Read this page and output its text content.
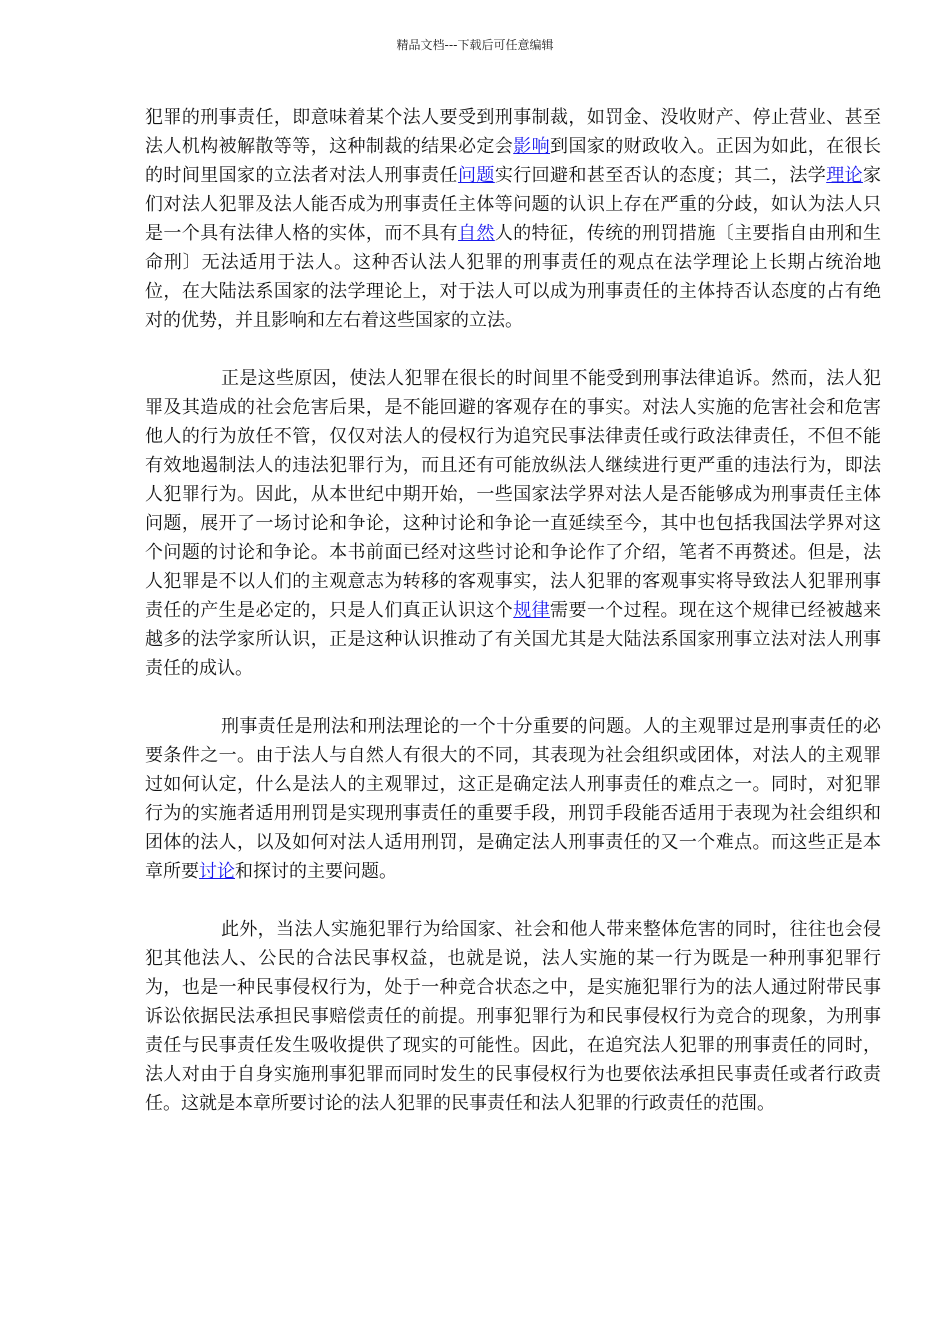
精品文档---下载后可任意编辑

犯罪的刑事责任，即意味着某个法人要受到刑事制裁，如罚金、没收财产、停止营业、甚至法人机构被解散等等，这种制裁的结果必定会影响到国家的财政收入。正因为如此，在很长的时间里国家的立法者对法人刑事责任问题实行回避和甚至否认的态度；其二，法学理论家们对法人犯罪及法人能否成为刑事责任主体等问题的认识上存在严重的分歧，如认为法人只是一个具有法律人格的实体，而不具有自然人的特征，传统的刑罚措施〔主要指自由刑和生命刑〕无法适用于法人。这种否认法人犯罪的刑事责任的观点在法学理论上长期占统治地位，在大陆法系国家的法学理论上，对于法人可以成为刑事责任的主体持否认态度的占有绝对的优势，并且影响和左右着这些国家的立法。

正是这些原因，使法人犯罪在很长的时间里不能受到刑事法律追诉。然而，法人犯罪及其造成的社会危害后果，是不能回避的客观存在的事实。对法人实施的危害社会和危害他人的行为放任不管，仅仅对法人的侵权行为追究民事法律责任或行政法律责任，不但不能有效地遏制法人的违法犯罪行为，而且还有可能放纵法人继续进行更严重的违法行为，即法人犯罪行为。因此，从本世纪中期开始，一些国家法学界对法人是否能够成为刑事责任主体问题，展开了一场讨论和争论，这种讨论和争论一直延续至今，其中也包括我国法学界对这个问题的讨论和争论。本书前面已经对这些讨论和争论作了介绍，笔者不再赘述。但是，法人犯罪是不以人们的主观意志为转移的客观事实，法人犯罪的客观事实将导致法人犯罪刑事责任的产生是必定的，只是人们真正认识这个规律需要一个过程。现在这个规律已经被越来越多的法学家所认识，正是这种认识推动了有关国尤其是大陆法系国家刑事立法对法人刑事责任的成认。

刑事责任是刑法和刑法理论的一个十分重要的问题。人的主观罪过是刑事责任的必要条件之一。由于法人与自然人有很大的不同，其表现为社会组织或团体，对法人的主观罪过如何认定，什么是法人的主观罪过，这正是确定法人刑事责任的难点之一。同时，对犯罪行为的实施者适用刑罚是实现刑事责任的重要手段，刑罚手段能否适用于表现为社会组织和团体的法人，以及如何对法人适用刑罚，是确定法人刑事责任的又一个难点。而这些正是本章所要讨论和探讨的主要问题。

此外，当法人实施犯罪行为给国家、社会和他人带来整体危害的同时，往往也会侵犯其他法人、公民的合法民事权益，也就是说，法人实施的某一行为既是一种刑事犯罪行为，也是一种民事侵权行为，处于一种竞合状态之中，是实施犯罪行为的法人通过附带民事诉讼依据民法承担民事赔偿责任的前提。刑事犯罪行为和民事侵权行为竞合的现象，为刑事责任与民事责任发生吸收提供了现实的可能性。因此，在追究法人犯罪的刑事责任的同时，法人对由于自身实施刑事犯罪而同时发生的民事侵权行为也要依法承担民事责任或者行政责任。这就是本章所要讨论的法人犯罪的民事责任和法人犯罪的行政责任的范围。
